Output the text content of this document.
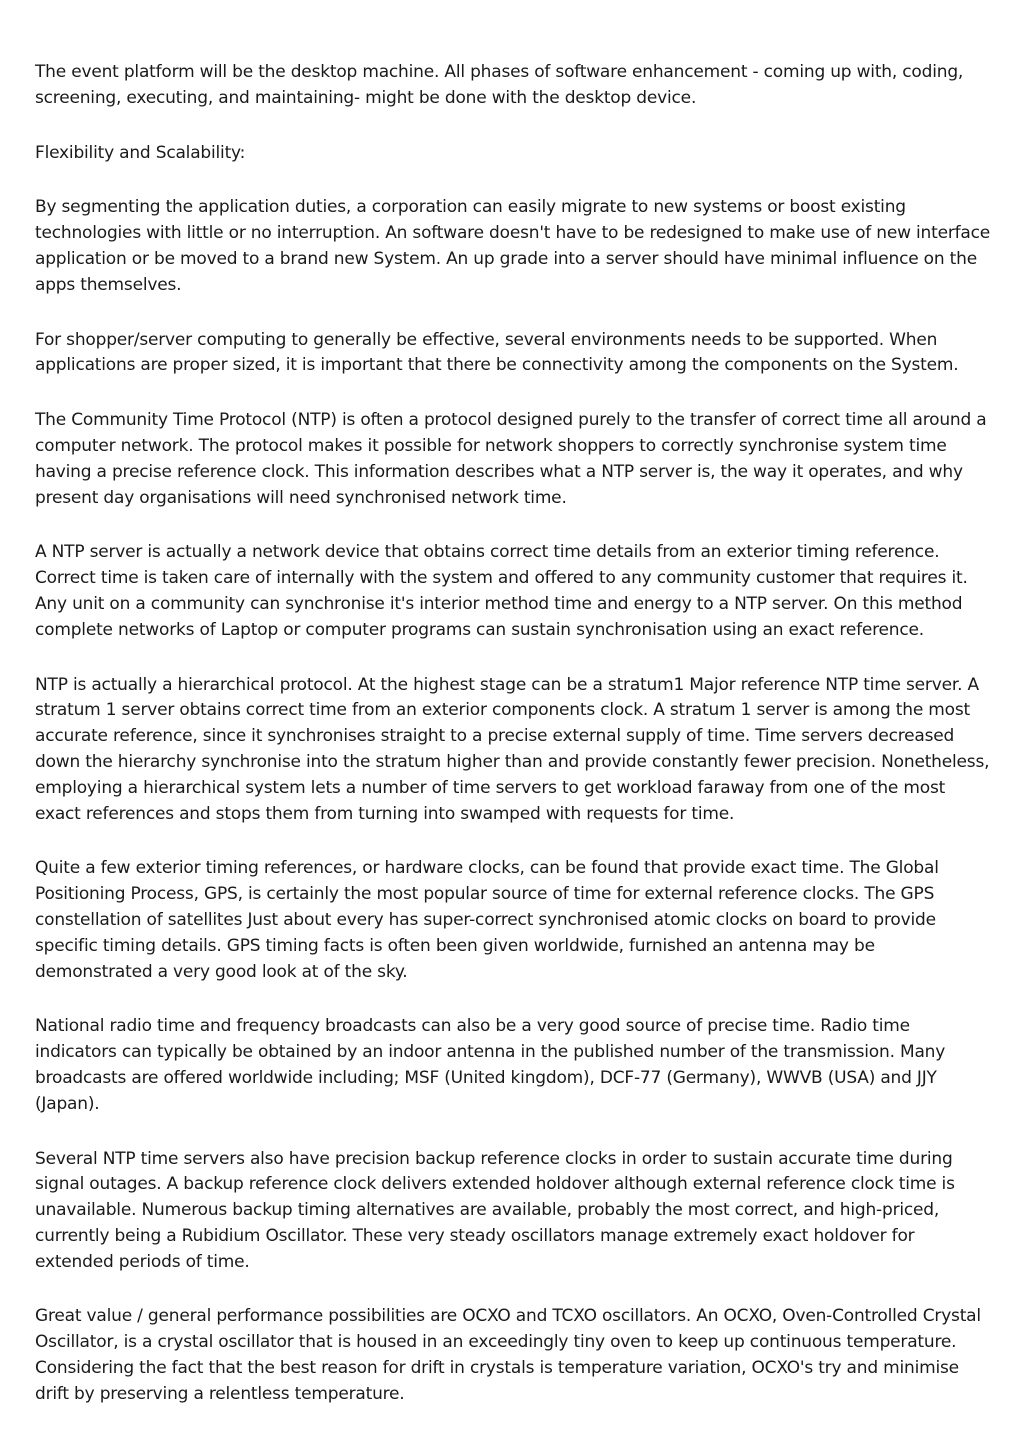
The event platform will be the desktop machine. All phases of software enhancement - coming up with, coding, screening, executing, and maintaining- might be done with the desktop device.

Flexibility and Scalability:

By segmenting the application duties, a corporation can easily migrate to new systems or boost existing technologies with little or no interruption. An software doesn't have to be redesigned to make use of new interface application or be moved to a brand new System. An up grade into a server should have minimal influence on the apps themselves.

For shopper/server computing to generally be effective, several environments needs to be supported. When applications are proper sized, it is important that there be connectivity among the components on the System.

The Community Time Protocol (NTP) is often a protocol designed purely to the transfer of correct time all around a computer network. The protocol makes it possible for network shoppers to correctly synchronise system time having a precise reference clock. This information describes what a NTP server is, the way it operates, and why present day organisations will need synchronised network time.

A NTP server is actually a network device that obtains correct time details from an exterior timing reference. Correct time is taken care of internally with the system and offered to any community customer that requires it. Any unit on a community can synchronise it's interior method time and energy to a NTP server. On this method complete networks of Laptop or computer programs can sustain synchronisation using an exact reference.

NTP is actually a hierarchical protocol. At the highest stage can be a stratum1 Major reference NTP time server. A stratum 1 server obtains correct time from an exterior components clock. A stratum 1 server is among the most accurate reference, since it synchronises straight to a precise external supply of time. Time servers decreased down the hierarchy synchronise into the stratum higher than and provide constantly fewer precision. Nonetheless, employing a hierarchical system lets a number of time servers to get workload faraway from one of the most exact references and stops them from turning into swamped with requests for time.

Quite a few exterior timing references, or hardware clocks, can be found that provide exact time. The Global Positioning Process, GPS, is certainly the most popular source of time for external reference clocks. The GPS constellation of satellites Just about every has super-correct synchronised atomic clocks on board to provide specific timing details. GPS timing facts is often been given worldwide, furnished an antenna may be demonstrated a very good look at of the sky.

National radio time and frequency broadcasts can also be a very good source of precise time. Radio time indicators can typically be obtained by an indoor antenna in the published number of the transmission. Many broadcasts are offered worldwide including; MSF (United kingdom), DCF-77 (Germany), WWVB (USA) and JJY (Japan).

Several NTP time servers also have precision backup reference clocks in order to sustain accurate time during signal outages. A backup reference clock delivers extended holdover although external reference clock time is unavailable. Numerous backup timing alternatives are available, probably the most correct, and high-priced, currently being a Rubidium Oscillator. These very steady oscillators manage extremely exact holdover for extended periods of time.

Great value / general performance possibilities are OCXO and TCXO oscillators. An OCXO, Oven-Controlled Crystal Oscillator, is a crystal oscillator that is housed in an exceedingly tiny oven to keep up continuous temperature. Considering the fact that the best reason for drift in crystals is temperature variation, OCXO's try and minimise drift by preserving a relentless temperature.
